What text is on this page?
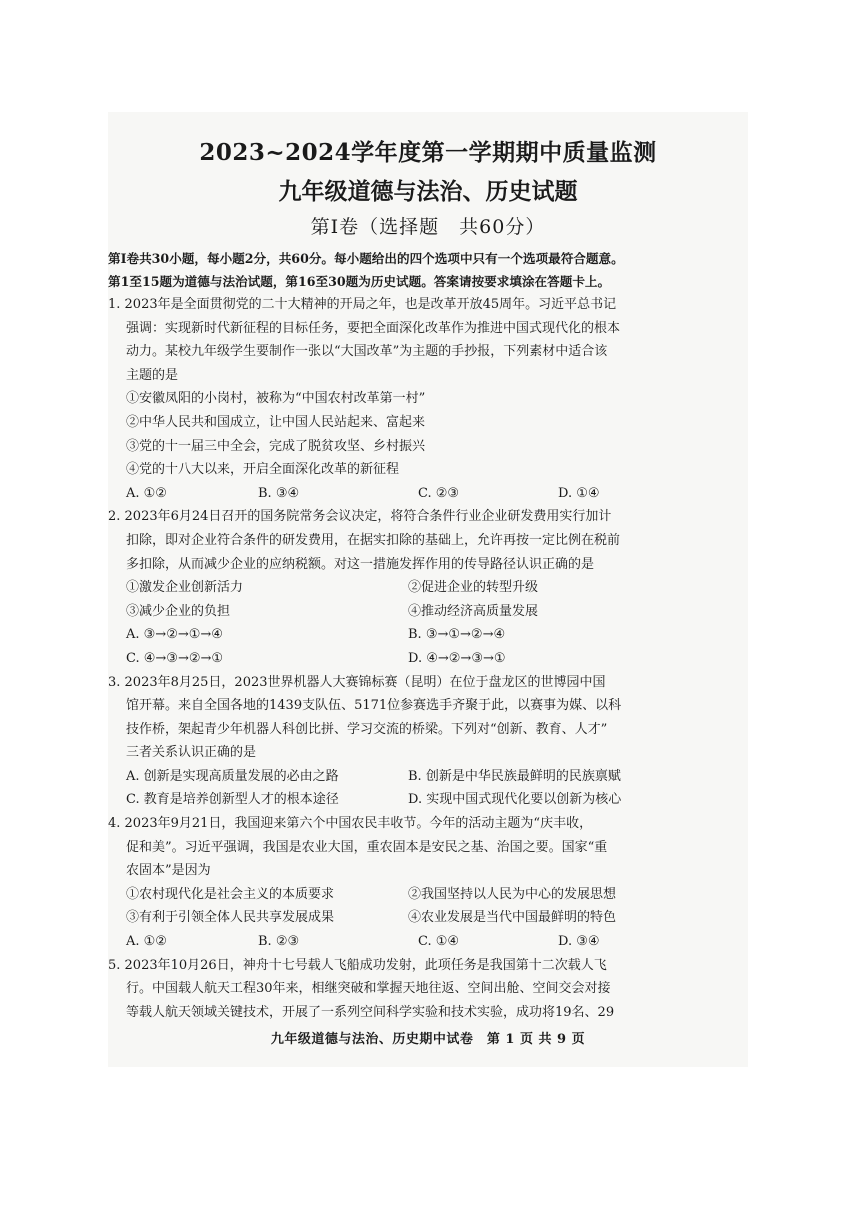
2023~2024学年度第一学期期中质量监测
九年级道德与法治、历史试题
第Ⅰ卷（选择题　共60分）
第Ⅰ卷共30小题，每小题2分，共60分。每小题给出的四个选项中只有一个选项最符合题意。
第1至15题为道德与法治试题，第16至30题为历史试题。答案请按要求填涂在答题卡上。
1. 2023年是全面贯彻党的二十大精神的开局之年，也是改革开放45周年。习近平总书记
强调：实现新时代新征程的目标任务，要把全面深化改革作为推进中国式现代化的根本
动力。某校九年级学生要制作一张以“大国改革”为主题的手抄报，下列素材中适合该
主题的是
①安徽凤阳的小岗村，被称为“中国农村改革第一村”
②中华人民共和国成立，让中国人民站起来、富起来
③党的十一届三中全会，完成了脱贫攻坚、乡村振兴
④党的十八大以来，开启全面深化改革的新征程
A. ①②	B. ③④	C. ②③	D. ①④
2. 2023年6月24日召开的国务院常务会议决定，将符合条件行业企业研发费用实行加计
扣除，即对企业符合条件的研发费用，在据实扣除的基础上，允许再按一定比例在税前
多扣除，从而减少企业的应纳税额。对这一措施发挥作用的传导路径认识正确的是
①激发企业创新活力	②促进企业的转型升级
③减少企业的负担	④推动经济高质量发展
A. ③→②→①→④	B. ③→①→②→④
C. ④→③→②→①	D. ④→②→③→①
3. 2023年8月25日，2023世界机器人大赛锦标赛（昆明）在位于盘龙区的世博园中国
馆开幕。来自全国各地的1439支队伍、5171位参赛选手齐聚于此，以赛事为媒、以科
技作桥，架起青少年机器人科创比拼、学习交流的桥梁。下列对“创新、教育、人才”
三者关系认识正确的是
A. 创新是实现高质量发展的必由之路	B. 创新是中华民族最鲜明的民族禀赋
C. 教育是培养创新型人才的根本途径	D. 实现中国式现代化要以创新为核心
4. 2023年9月21日，我国迎来第六个中国农民丰收节。今年的活动主题为“庆丰收，
促和美”。习近平强调，我国是农业大国，重农固本是安民之基、治国之要。国家“重
农固本”是因为
①农村现代化是社会主义的本质要求	②我国坚持以人民为中心的发展思想
③有利于引领全体人民共享发展成果	④农业发展是当代中国最鲜明的特色
A. ①②	B. ②③	C. ①④	D. ③④
5. 2023年10月26日，神舟十七号载人飞船成功发射，此项任务是我国第十二次载人飞
行。中国载人航天工程30年来，相继突破和掌握天地往返、空间出舱、空间交会对接
等载人航天领域关键技术，开展了一系列空间科学实验和技术实验，成功将19名、29
九年级道德与法治、历史期中试卷　第 1 页 共 9 页
